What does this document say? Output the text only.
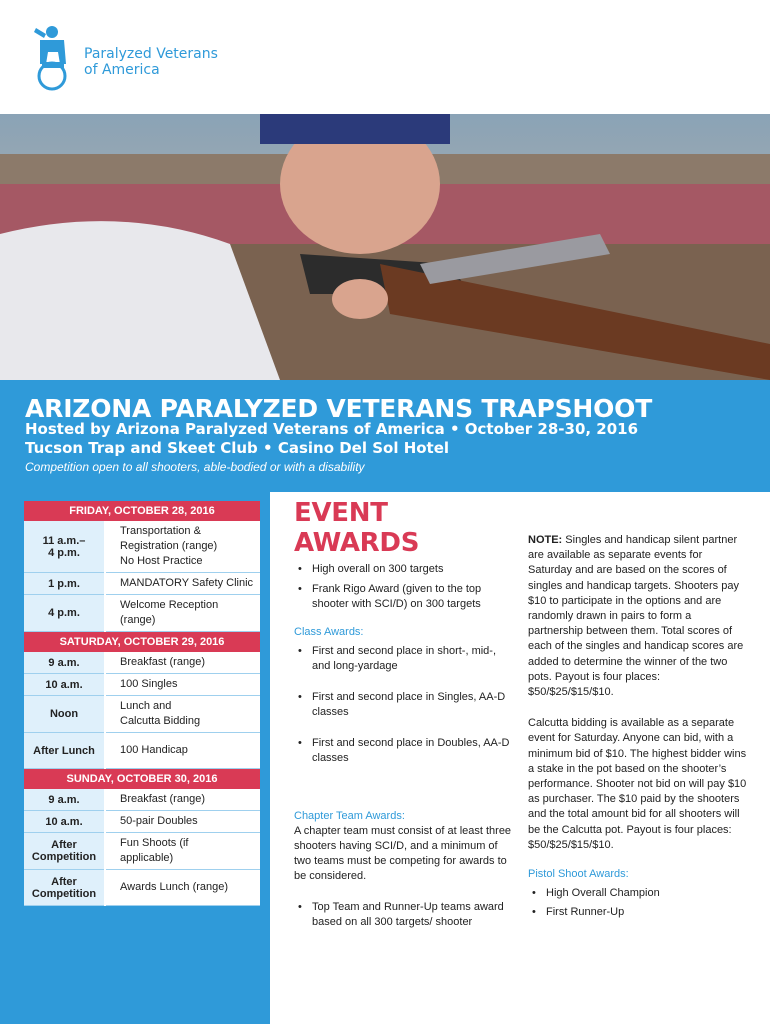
Paralyzed Veterans
of America
ARIZONA PARALYZED VETERANS TRAPSHOOT
Hosted by Arizona Paralyzed Veterans of America • October 28-30, 2016
Tucson Trap and Skeet Club • Casino Del Sol Hotel
Competition open to all shooters, able-bodied or with a disability
FRIDAY, OCTOBER 28, 2016	
11 a.m.–
4 p.m.	Transportation &
Registration (range)
No Host Practice
1 p.m.	MANDATORY Safety Clinic
4 p.m.	Welcome Reception
(range)
SATURDAY, OCTOBER 29, 2016	
9 a.m.	Breakfast (range)
10 a.m.	100 Singles
Noon	Lunch and
Calcutta Bidding
After Lunch	100 Handicap
SUNDAY, OCTOBER 30, 2016	
9 a.m.	Breakfast (range)
10 a.m.	50-pair Doubles
After
Competition	Fun Shoots (if
applicable)
After
Competition	Awards Lunch (range)
EVENT AWARDS
• High overall on 300 targets
• Frank Rigo Award (given to the top shooter with SCI/D) on 300 targets

Class Awards:

• First and second place in short-, mid-, and long-yardage
• First and second place in Singles, AA-D classes
• First and second place in Doubles, AA-D classes

Chapter Team Awards:

A chapter team must consist of at least three shooters having SCI/D, and a minimum of two teams must be competing for awards to be considered.
• Top Team and Runner-Up teams award based on all 300 targets/ shooter
NOTE: Singles and handicap silent partner are available as separate events for Saturday and are based on the scores of singles and handicap targets. Shooters pay $10 to participate in the options and are randomly drawn in pairs to form a partnership between them. Total scores of each of the singles and handicap scores are added to determine the winner of the two pots. Payout is four places: $50/$25/$15/$10.
Calcutta bidding is available as a separate event for Saturday. Anyone can bid, with a minimum bid of $10. The highest bidder wins a stake in the pot based on the shooter’s performance. Shooter not bid on will pay $10 as purchaser. The $10 paid by the shooters and the total amount bid for all shooters will be the Calcutta pot. Payout is four places: $50/$25/$15/$10.

Pistol Shoot Awards:

• High Overall Champion
• First Runner-Up
